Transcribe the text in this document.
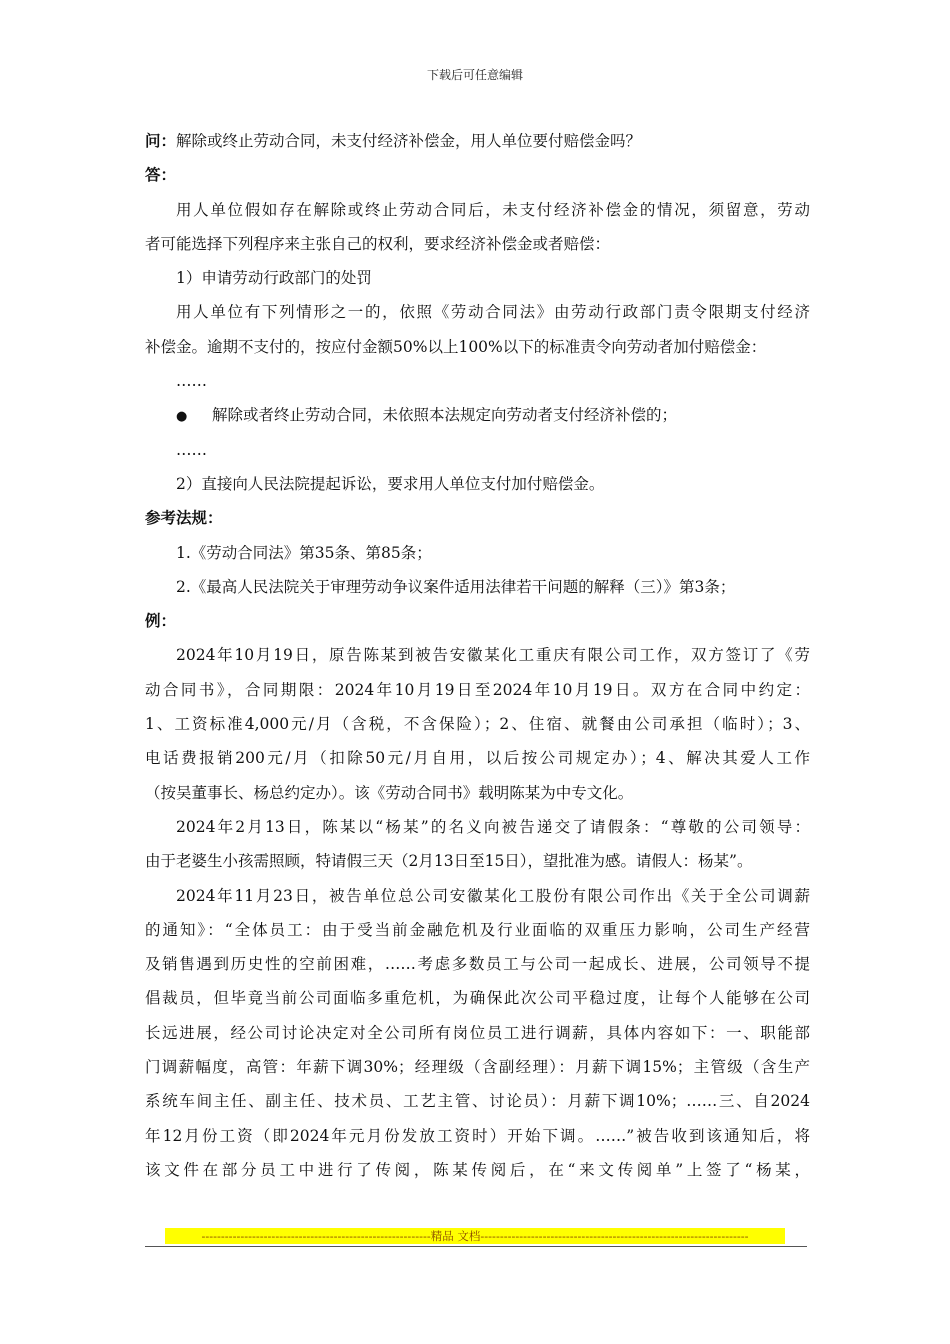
下载后可任意编辑
问：解除或终止劳动合同，未支付经济补偿金，用人单位要付赔偿金吗？
答：
用人单位假如存在解除或终止劳动合同后，未支付经济补偿金的情况，须留意，劳动
者可能选择下列程序来主张自己的权利，要求经济补偿金或者赔偿：
1）申请劳动行政部门的处罚
用人单位有下列情形之一的，依照《劳动合同法》由劳动行政部门责令限期支付经济
补偿金。逾期不支付的，按应付金额50%以上100%以下的标准责令向劳动者加付赔偿金：
……
● 解除或者终止劳动合同，未依照本法规定向劳动者支付经济补偿的；
……
2）直接向人民法院提起诉讼，要求用人单位支付加付赔偿金。
参考法规：
1.《劳动合同法》第35条、第85条；
2.《最高人民法院关于审理劳动争议案件适用法律若干问题的解释（三）》第3条；
例：
2024年10月19日，原告陈某到被告安徽某化工重庆有限公司工作，双方签订了《劳
动合同书》，合同期限：2024年10月19日至2024年10月19日。双方在合同中约定：
1、工资标准4,000元/月（含税，不含保险）；2、住宿、就餐由公司承担（临时）；3、
电话费报销200元/月（扣除50元/月自用，以后按公司规定办）；4、解决其爱人工作
（按吴董事长、杨总约定办）。该《劳动合同书》载明陈某为中专文化。
2024年2月13日，陈某以“杨某”的名义向被告递交了请假条：“尊敬的公司领导：
由于老婆生小孩需照顾，特请假三天（2月13日至15日），望批准为感。请假人：杨某”。
2024年11月23日，被告单位总公司安徽某化工股份有限公司作出《关于全公司调薪
的通知》：“全体员工：由于受当前金融危机及行业面临的双重压力影响，公司生产经营
及销售遇到历史性的空前困难，……考虑多数员工与公司一起成长、进展，公司领导不提
倡裁员，但毕竟当前公司面临多重危机，为确保此次公司平稳过度，让每个人能够在公司
长远进展，经公司讨论决定对全公司所有岗位员工进行调薪，具体内容如下：一、职能部
门调薪幅度，高管：年薪下调30%；经理级（含副经理）：月薪下调15%；主管级（含生产
系统车间主任、副主任、技术员、工艺主管、讨论员）：月薪下调10%；……三、自2024
年12月份工资（即2024年元月份发放工资时）开始下调。……”被告收到该通知后，将
该文件在部分员工中进行了传阅，陈某传阅后，在“来文传阅单”上签了“杨某，
-----------------------------------------------------------精品 文档---------------------------------------------------------------------
